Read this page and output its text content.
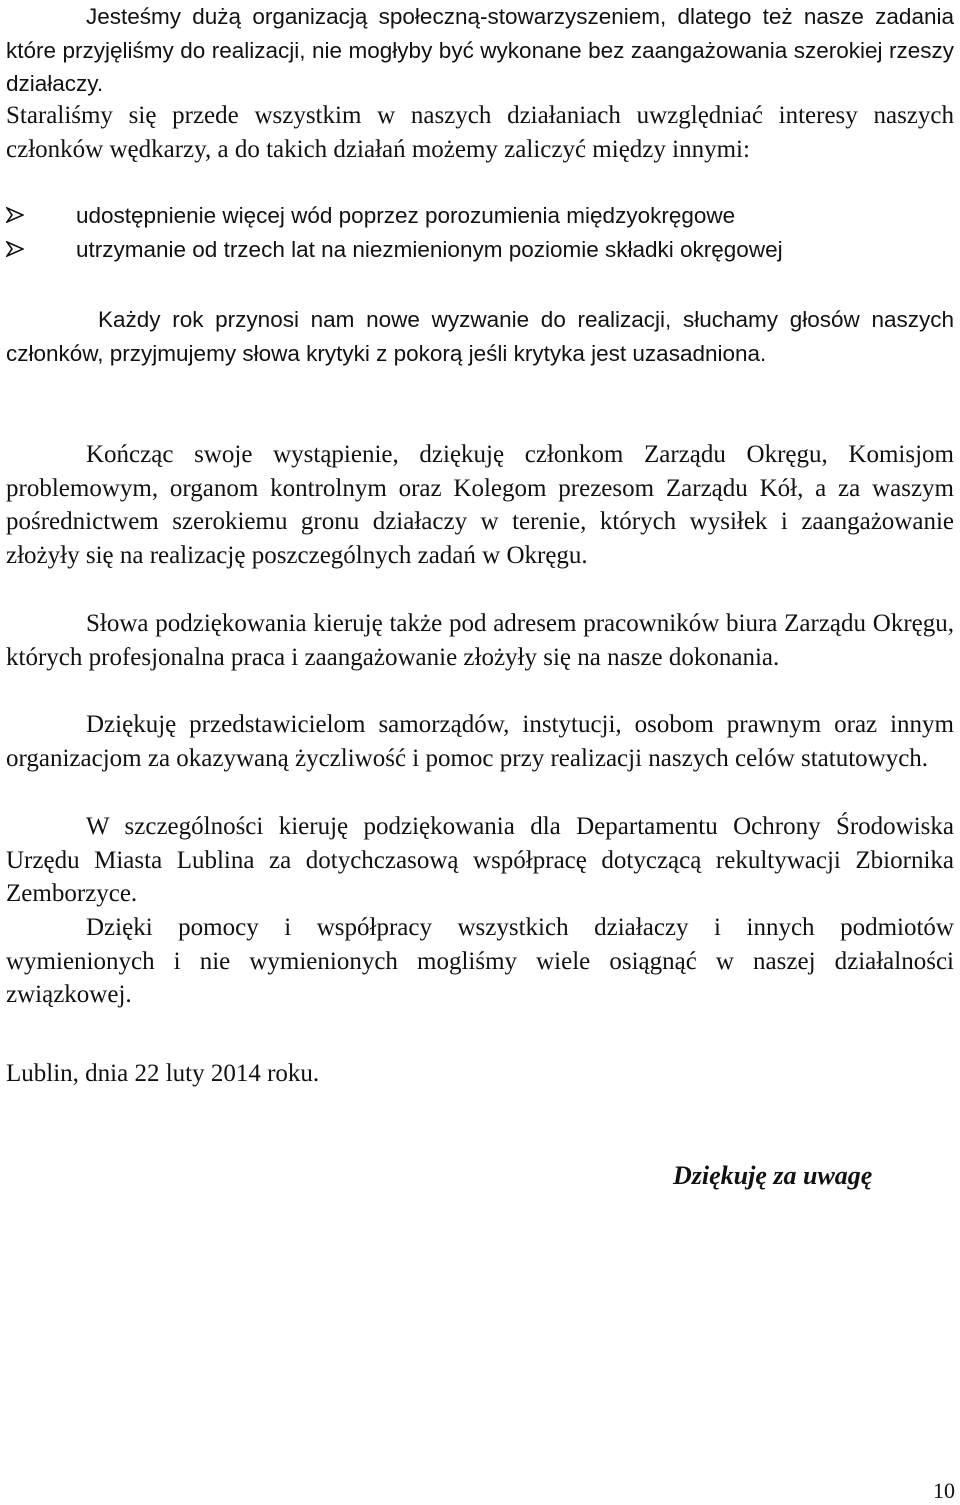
Jesteśmy dużą organizacją społeczną-stowarzyszeniem, dlatego też nasze zadania które przyjęliśmy do realizacji, nie mogłyby być wykonane bez zaangażowania szerokiej rzeszy działaczy.

Staraliśmy się przede wszystkim w naszych działaniach uwzględniać interesy naszych członków wędkarzy, a do takich działań możemy zaliczyć między innymi:

udostępnienie więcej wód poprzez porozumienia międzyokręgowe
utrzymanie od trzech lat na niezmienionym poziomie składki okręgowej

Każdy rok przynosi nam nowe wyzwanie do realizacji, słuchamy głosów naszych członków, przyjmujemy słowa krytyki z pokorą jeśli krytyka jest uzasadniona.

Kończąc swoje wystąpienie, dziękuję członkom Zarządu Okręgu, Komisjom problemowym, organom kontrolnym oraz Kolegom prezesom Zarządu Kół, a za waszym pośrednictwem szerokiemu gronu działaczy w terenie, których wysiłek i zaangażowanie złożyły się na realizację poszczególnych zadań w Okręgu.

Słowa podziękowania kieruję także pod adresem pracowników biura Zarządu Okręgu, których profesjonalna praca i zaangażowanie złożyły się na nasze dokonania.

Dziękuję przedstawicielom samorządów, instytucji, osobom prawnym oraz innym organizacjom za okazywaną życzliwość i pomoc przy realizacji naszych celów statutowych.

W szczególności kieruję podziękowania dla Departamentu Ochrony Środowiska Urzędu Miasta Lublina za dotychczasową współpracę dotyczącą rekultywacji Zbiornika Zemborzyce.

Dzięki pomocy i współpracy wszystkich działaczy i innych podmiotów wymienionych i nie wymienionych mogliśmy wiele osiągnąć w naszej działalności związkowej.

Lublin, dnia 22 luty 2014 roku.

Dziękuję za uwagę

10
